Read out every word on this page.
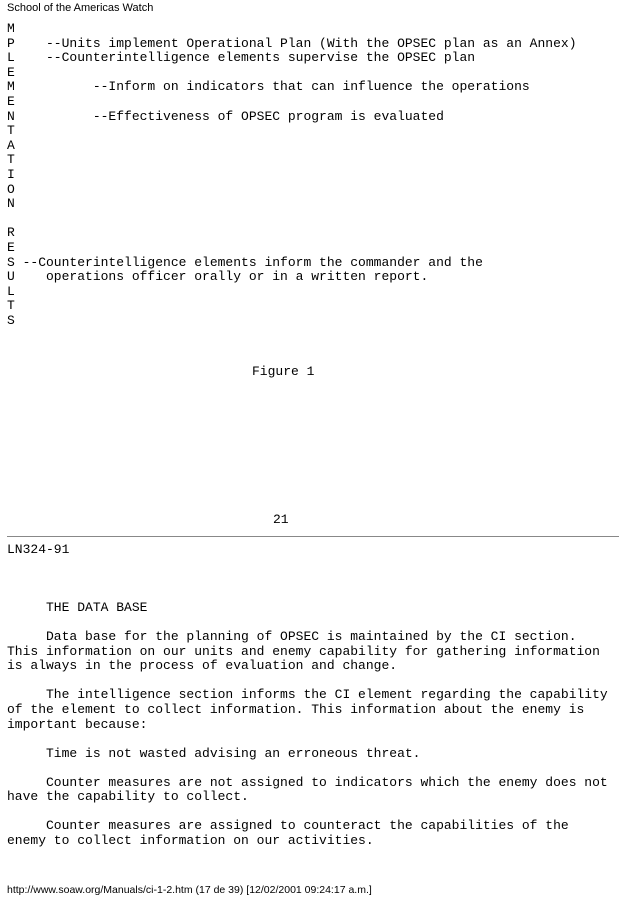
School of the Americas Watch
M
P    --Units implement Operational Plan (With the OPSEC plan as an Annex)
L    --Counterintelligence elements supervise the OPSEC plan
E
M          --Inform on indicators that can influence the operations
E
N          --Effectiveness of OPSEC program is evaluated
T
A
T
I
O
N

R
E
S --Counterintelligence elements inform the commander and the
U    operations officer orally or in a written report.
L
T
S
Figure 1
21
LN324-91

THE DATA BASE

Data base for the planning of OPSEC is maintained by the CI section.
This information on our units and enemy capability for gathering information
is always in the process of evaluation and change.

The intelligence section informs the CI element regarding the capability
of the element to collect information. This information about the enemy is
important because:

Time is not wasted advising an erroneous threat.

Counter measures are not assigned to indicators which the enemy does not
have the capability to collect.

Counter measures are assigned to counteract the capabilities of the
enemy to collect information on our activities.
http://www.soaw.org/Manuals/ci-1-2.htm (17 de 39) [12/02/2001 09:24:17 a.m.]
